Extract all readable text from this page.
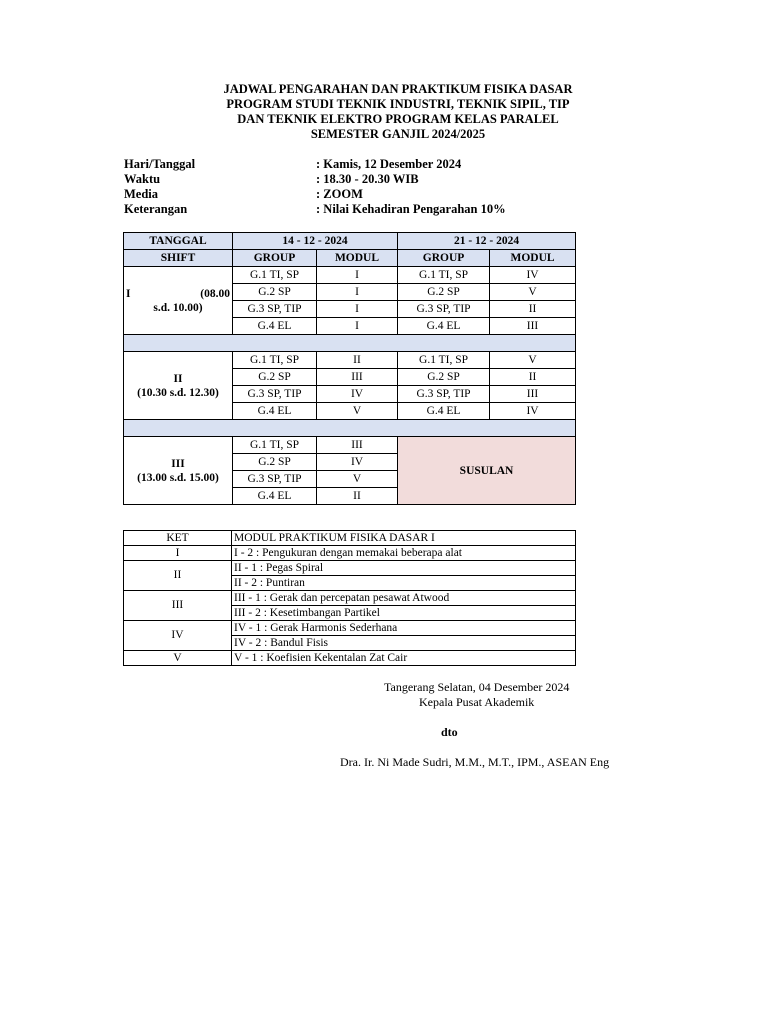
JADWAL PENGARAHAN DAN PRAKTIKUM FISIKA DASAR
PROGRAM STUDI TEKNIK INDUSTRI, TEKNIK SIPIL, TIP
DAN TEKNIK ELEKTRO PROGRAM KELAS PARALEL
SEMESTER GANJIL 2024/2025
Hari/Tanggal	: Kamis, 12 Desember 2024
Waktu	: 18.30 - 20.30 WIB
Media	: ZOOM
Keterangan	: Nilai Kehadiran Pengarahan 10%
TANGGAL	14 - 12 - 2024		21 - 12 - 2024	
SHIFT	GROUP	MODUL	GROUP	MODUL

I (08.00
s.d. 10.00)	G.1 TI, SP	I	G.1 TI, SP	IV
	G.2 SP	I	G.2 SP	V
	G.3 SP, TIP	I	G.3 SP, TIP	II
	G.4 EL	I	G.4 EL	III

II
(10.30 s.d. 12.30)	G.1 TI, SP	II	G.1 TI, SP	V
	G.2 SP	III	G.2 SP	II
	G.3 SP, TIP	IV	G.3 SP, TIP	III
	G.4 EL	V	G.4 EL	IV

III
(13.00 s.d. 15.00)	G.1 TI, SP	III	SUSULAN	
	G.2 SP	IV		
	G.3 SP, TIP	V		
	G.4 EL	II		
KET	MODUL PRAKTIKUM FISIKA DASAR I
I	I - 2 : Pengukuran dengan memakai beberapa alat
II	II - 1 : Pegas Spiral
	II - 2 : Puntiran
III	III - 1 : Gerak dan percepatan pesawat Atwood
	III - 2 : Kesetimbangan Partikel
IV	IV - 1 : Gerak Harmonis Sederhana
	IV - 2 : Bandul Fisis
V	V - 1 : Koefisien Kekentalan Zat Cair
Tangerang Selatan, 04 Desember 2024
Kepala Pusat Akademik
dto
Dra. Ir. Ni Made Sudri, M.M., M.T., IPM., ASEAN Eng
